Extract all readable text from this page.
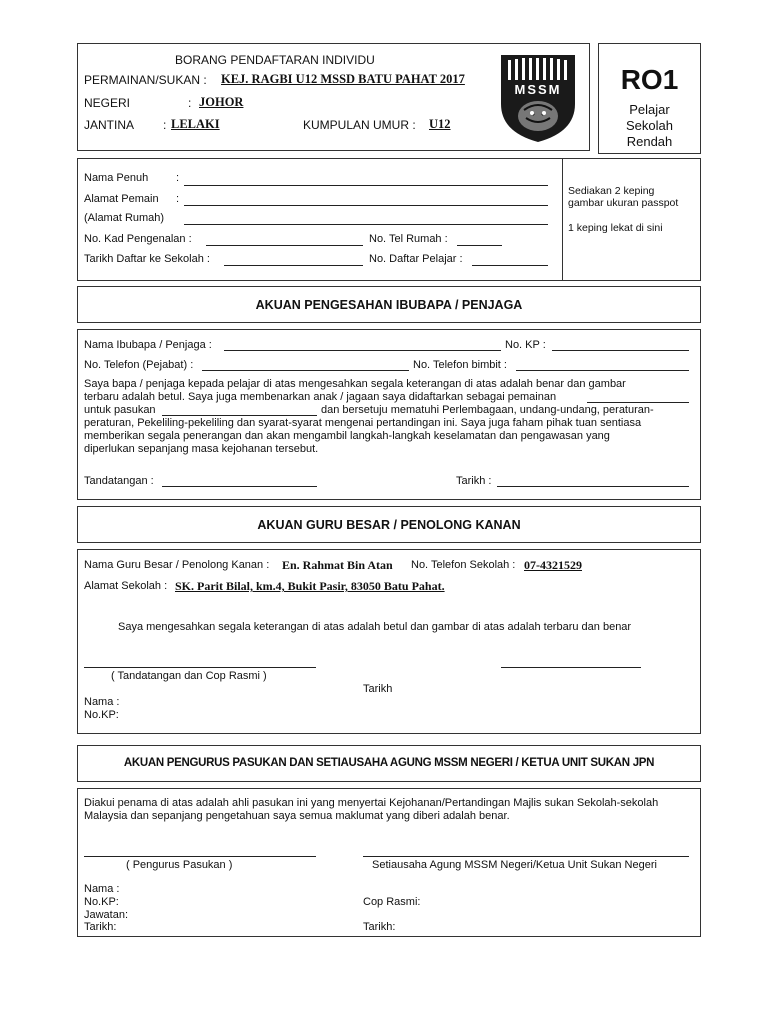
BORANG PENDAFTARAN INDIVIDU
PERMAINAN/SUKAN : KEJ. RAGBI U12 MSSD BATU PAHAT 2017
NEGERI	: JOHOR
JANTINA : LELAKI	KUMPULAN UMUR : U12
MSSM	RO1
Pelajar
Sekolah
Rendah
Nama Penuh	:
Alamat Pemain :
(Alamat Rumah)
No. Kad Pengenalan :	No. Tel Rumah :
Tarikh Daftar ke Sekolah :	No. Daftar Pelajar :
Sediakan 2 keping
gambar ukuran passpot
1 keping lekat di sini
AKUAN PENGESAHAN IBUBAPA / PENJAGA
Nama Ibubapa / Penjaga :	No. KP :
No. Telefon (Pejabat) :	No. Telefon bimbit :
Saya bapa / penjaga kepada pelajar di atas mengesahkan segala keterangan di atas adalah benar dan gambar
terbaru adalah betul. Saya juga membenarkan anak / jagaan saya didaftarkan sebagai pemainan
untuk pasukan	dan bersetuju mematuhi Perlembagaan, undang-undang, peraturan-
peraturan, Pekeliling-pekeliling dan syarat-syarat mengenai pertandingan ini. Saya juga faham pihak tuan sentiasa
memberikan segala penerangan dan akan mengambil langkah-langkah keselamatan dan pengawasan yang
diperlukan sepanjang masa kejohanan tersebut.
Tandatangan :	Tarikh :
AKUAN GURU BESAR / PENOLONG KANAN
Nama Guru Besar / Penolong Kanan : En. Rahmat Bin Atan No. Telefon Sekolah : 07-4321529
Alamat Sekolah : SK. Parit Bilal, km.4, Bukit Pasir, 83050 Batu Pahat.
Saya mengesahkan segala keterangan di atas adalah betul dan gambar di atas adalah terbaru dan benar
( Tandatangan dan Cop Rasmi )
Tarikh
Nama :
No.KP:
AKUAN PENGURUS PASUKAN DAN SETIAUSAHA AGUNG MSSM NEGERI / KETUA UNIT SUKAN JPN
Diakui penama di atas adalah ahli pasukan ini yang menyertai Kejohanan/Pertandingan Majlis sukan Sekolah-sekolah
Malaysia dan sepanjang pengetahuan saya semua maklumat yang diberi adalah benar.
( Pengurus Pasukan )	Setiausaha Agung MSSM Negeri/Ketua Unit Sukan Negeri
Nama :
No.KP:	Cop Rasmi:
Jawatan:
Tarikh:	Tarikh:
